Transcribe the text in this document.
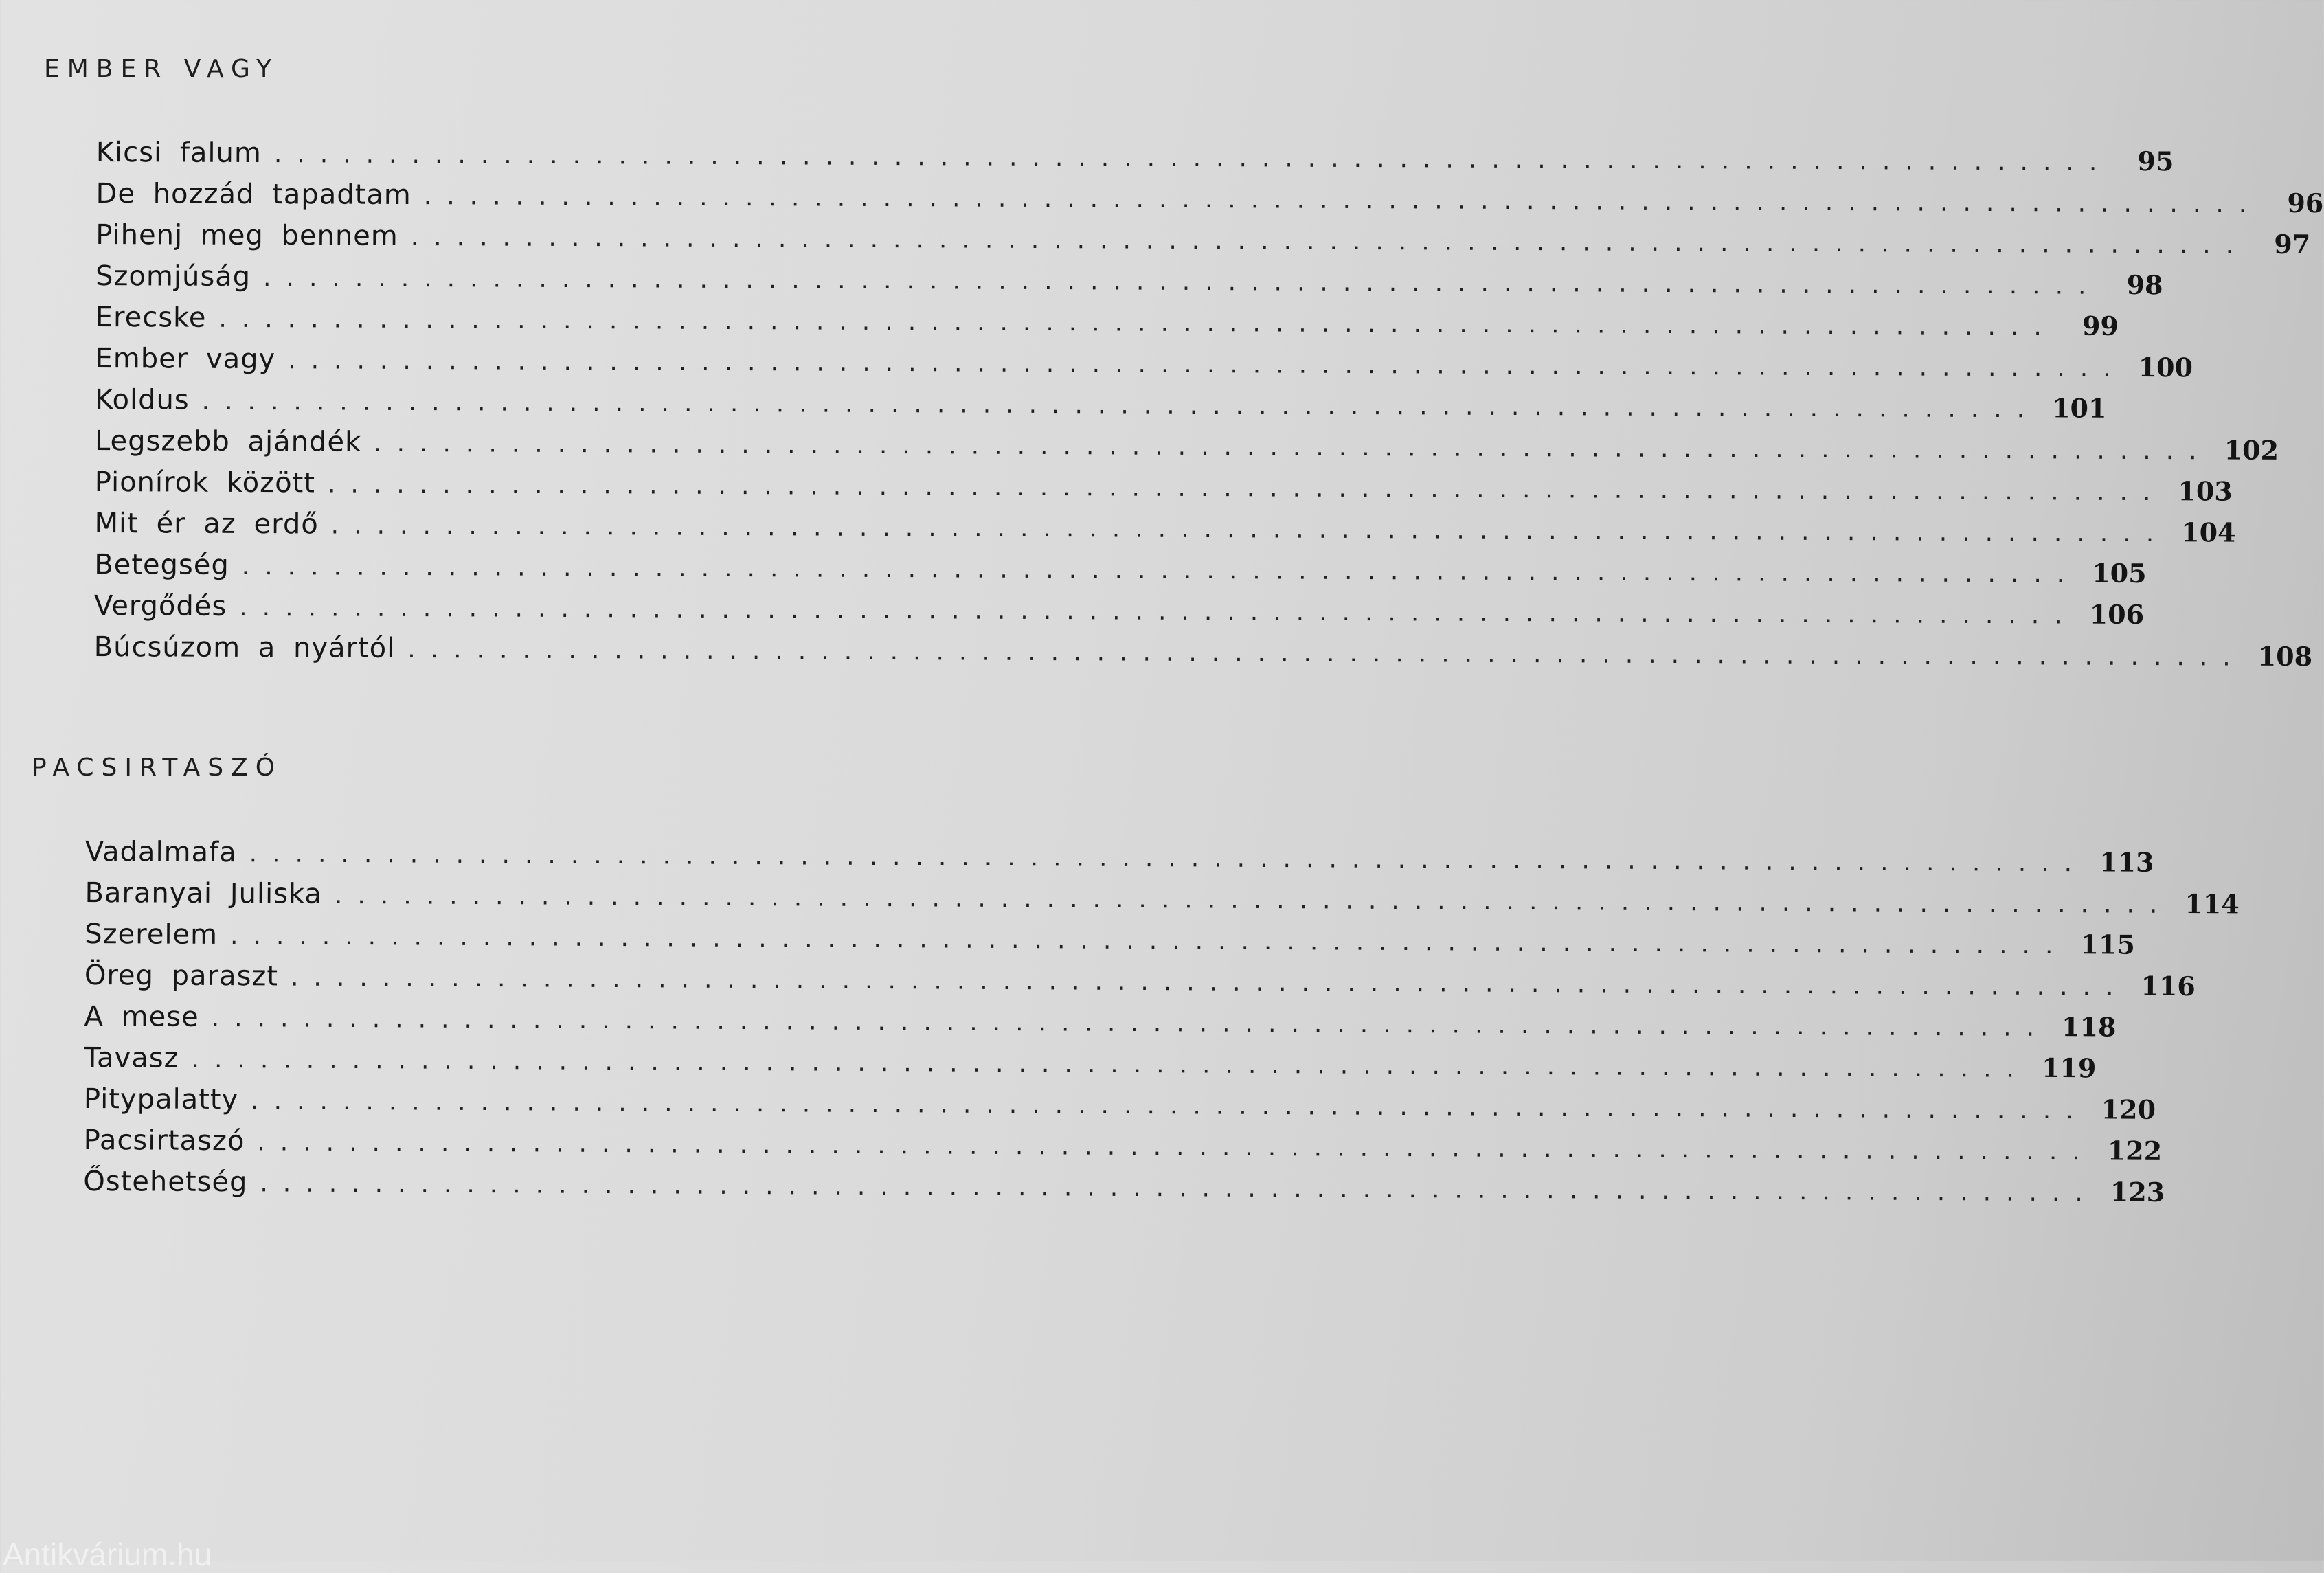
EMBER VAGY
Kicsi falum ................................................................................ 95
De hozzád tapadtam ................................................................................ 96
Pihenj meg bennem ................................................................................ 97
Szomjúság ................................................................................ 98
Erecske ................................................................................ 99
Ember vagy ................................................................................ 100
Koldus ................................................................................ 101
Legszebb ajándék ................................................................................ 102
Pionírok között ................................................................................ 103
Mit ér az erdő ................................................................................ 104
Betegség ................................................................................ 105
Vergődés ................................................................................ 106
Búcsúzom a nyártól ................................................................................ 108
PACSIRTASZÓ
Vadalmafa ................................................................................ 113
Baranyai Juliska ................................................................................ 114
Szerelem ................................................................................ 115
Öreg paraszt ................................................................................ 116
A mese ................................................................................ 118
Tavasz ................................................................................ 119
Pitypalatty ................................................................................ 120
Pacsirtaszó ................................................................................ 122
Őstehetség ................................................................................ 123
Antikvárium.hu
